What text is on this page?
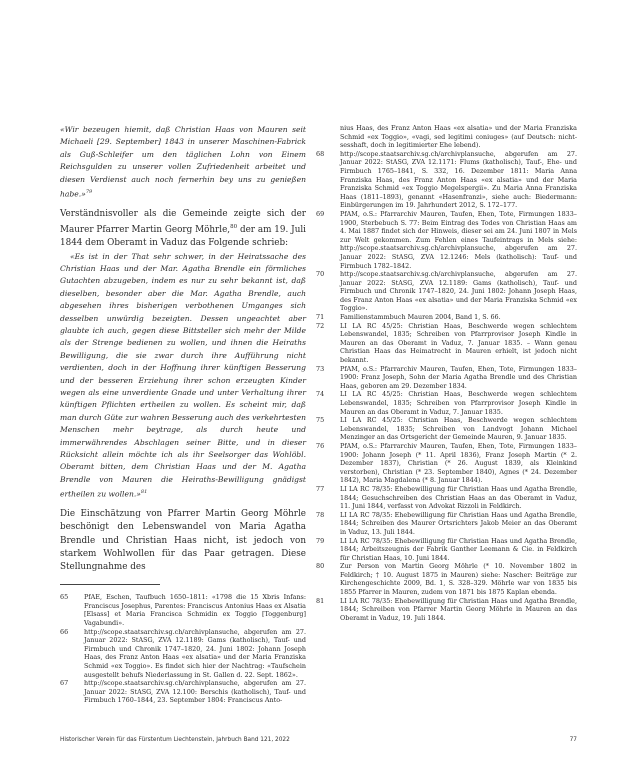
«Wir bezeugen hiemit, daß Christian Haas von Mauren seit Michaeli [29. September] 1843 in unserer Maschinen-Fabrick als Guß-Schleifer um den täglichen Lohn von Einem Reichsgulden zu unserer vollen Zufriedenheit arbeitet und diesen Verdienst auch noch fernerhin bey uns zu genießen habe.»$^{79}$

Verständnisvoller als die Gemeinde zeigte sich der Maurer Pfarrer Martin Georg Möhrle,$^{80}$ der am 19. Juli 1844 dem Oberamt in Vaduz das Folgende schrieb:

«Es ist in der That sehr schwer, in der Heiratssache des Christian Haas und der Mar. Agatha Brendle ein förmliches Gutachten abzugeben, indem es nur zu sehr bekannt ist, daß dieselben, besonder aber die Mar. Agatha Brendle, auch abgesehen ihres bisherigen verbothenen Umganges sich desselben unwürdig bezeigten. Dessen ungeachtet aber glaubte ich auch, gegen diese Bittsteller sich mehr der Milde als der Strenge bedienen zu wollen, und ihnen die Heiraths Bewilligung, die sie zwar durch ihre Aufführung nicht verdienten, doch in der Hoffnung ihrer künftigen Besserung und der besseren Erziehung ihrer schon erzeugten Kinder wegen als eine unverdiente Gnade und unter Verhaltung ihrer künftigen Pflichten ertheilen zu wollen. Es scheint mir, daß man durch Güte zur wahren Besserung auch des verkehrtesten Menschen mehr beytrage, als durch heute und immerwährendes Abschlagen seiner Bitte, und in dieser Rücksicht allein möchte ich als ihr Seelsorger das Wohlöbl. Oberamt bitten, dem Christian Haas und der M. Agatha Brendle von Mauren die Heiraths-Bewilligung gnädigst ertheilen zu wollen.»$^{81}$

Die Einschätzung von Pfarrer Martin Georg Möhrle beschönigt den Lebenswandel von Maria Agatha Brendle und Christian Haas nicht, ist jedoch von starkem Wohlwollen für das Paar getragen. Diese Stellungnahme des

65	PfAE, Eschen, Taufbuch 1650–1811: «1798 die 15 Xbris Infans: Franciscus Josephus, Parentes: Franciscus Antonius Haas ex Alsatia [Elsass] et Maria Franciscа Schmidin ex Toggio [Toggenburg] Vagabundi».
66	http://scope.staatsarchiv.sg.ch/archivplansuche, abgerufen am 27. Januar 2022: StASG, ZVA 12.1189: Gams (katholisch), Tauf- und Firmbuch und Chronik 1747–1820, 24. Juni 1802: Johann Joseph Haas, des Franz Anton Haas «ex alsatia» und der Maria Franziska Schmid «ex Toggio». Es findet sich hier der Nachtrag: «Taufschein ausgestellt behufs Niederlassung in St. Gallen d. 22. Sept. 1862».
67	http://scope.staatsarchiv.sg.ch/archivplansuche, abgerufen am 27. Januar 2022: StASG, ZVA 12.100: Berschis (katholisch), Tauf- und Firmbuch 1760–1844, 23. September 1804: Franciscus Anto-

nius Haas, des Franz Anton Haas «ex alsatia» und der Maria Franziska Schmid «ex Toggio», «vagi, sed legitimi coniuges» (auf Deutsch: nicht-sesshaft, doch in legitimierter Ehe lebend).

68	http://scope.staatsarchiv.sg.ch/archivplansuche, abgerufen am 27. Januar 2022: StASG, ZVA 12.1171: Flums (katholisch), Tauf-, Ehe- und Firmbuch 1765–1841, S. 332, 16. Dezember 1811: Maria Anna Franziska Haas, des Franz Anton Haas «ex alsatia» und der Maria Franziska Schmid «ex Toggio Megelspergii». Zu Maria Anna Franziska Haas (1811–1893), genannt «Hasenfranzi», siehe auch: Biedermann: Einbürgerungen im 19. Jahrhundert 2012, S. 172–177.
69	PfAM, o.S.: Pfarrarchiv Mauren, Taufen, Ehen, Tote, Firmungen 1833–1900, Sterbebuch S. 77: Beim Eintrag des Todes von Christian Haas am 4. Mai 1887 findet sich der Hinweis, dieser sei am 24. Juni 1807 in Mels zur Welt gekommen. Zum Fehlen eines Taufeintrags in Mels siehe: http://scope.staatsarchiv.sg.ch/archivplansuche, abgerufen am 27. Januar 2022: StASG, ZVA 12.1246: Mels (katholisch): Tauf- und Firmbuch 1782–1842.
70	http://scope.staatsarchiv.sg.ch/archivplansuche, abgerufen am 27. Januar 2022: StASG, ZVA 12.1189: Gams (katholisch), Tauf- und Firmbuch und Chronik 1747–1820, 24. Juni 1802: Johann Joseph Haas, des Franz Anton Haas «ex alsatia» und der Maria Franziska Schmid «ex Toggio».
71	Familienstammbuch Mauren 2004, Band 1, S. 66.
72	LI LA RC 45/25: Christian Haas, Beschwerde wegen schlechtem Lebenswandel, 1835; Schreiben von Pfarrprovisor Joseph Kindle in Mauren an das Oberamt in Vaduz, 7. Januar 1835. – Wann genau Christian Haas das Heimatrecht in Mauren erhielt, ist jedoch nicht bekannt.
73	PfAM, o.S.: Pfarrarchiv Mauren, Taufen, Ehen, Tote, Firmungen 1833–1900: Franz Joseph, Sohn der Maria Agatha Brendle und des Christian Haas, geboren am 29. Dezember 1834.
74	LI LA RC 45/25: Christian Haas, Beschwerde wegen schlechtem Lebenswandel, 1835; Schreiben von Pfarrprovisor Joseph Kindle in Mauren an das Oberamt in Vaduz, 7. Januar 1835.
75	LI LA RC 45/25: Christian Haas, Beschwerde wegen schlechtem Lebenswandel, 1835; Schreiben von Landvogt Johann Michael Menzinger an das Ortsgericht der Gemeinde Mauren, 9. Januar 1835.
76	PfAM, o.S.: Pfarrarchiv Mauren, Taufen, Ehen, Tote, Firmungen 1833–1900: Johann Joseph (* 11. April 1836), Franz Joseph Martin (* 2. Dezember 1837), Christian (* 26. August 1839, als Kleinkind verstorben), Christian (* 23. September 1840), Agnes (* 24. Dezember 1842), Maria Magdalena (* 8. Januar 1844).
77	LI LA RC 78/35: Ehebewilligung für Christian Haas und Agatha Brendle, 1844; Gesuchschreiben des Christian Haas an das Oberamt in Vaduz, 11. Juni 1844, verfasst von Advokat Rizzoli in Feldkirch.
78	LI LA RC 78/35: Ehebewilligung für Christian Haas und Agatha Brendle, 1844; Schreiben des Maurer Ortsrichters Jakob Meier an das Oberamt in Vaduz, 13. Juli 1844.
79	LI LA RC 78/35: Ehebewilligung für Christian Haas und Agatha Brendle, 1844; Arbeitszeugnis der Fabrik Ganther Leemann & Cie. in Feldkirch für Christian Haas, 10. Juni 1844.
80	Zur Person von Martin Georg Möhrle (* 10. November 1802 in Feldkirch; † 10. August 1875 in Mauren) siehe: Nascher: Beiträge zur Kirchengeschichte 2009, Bd. 1, S. 328–329. Möhrle war von 1835 bis 1855 Pfarrer in Mauren, zudem von 1871 bis 1875 Kaplan ebenda.
81	LI LA RC 78/35: Ehebewilligung für Christian Haas und Agatha Brendle, 1844; Schreiben von Pfarrer Martin Georg Möhrle in Mauren an das Oberamt in Vaduz, 19. Juli 1844.
Historischer Verein für das Fürstentum Liechtenstein, Jahrbuch Band 121, 2022	77
